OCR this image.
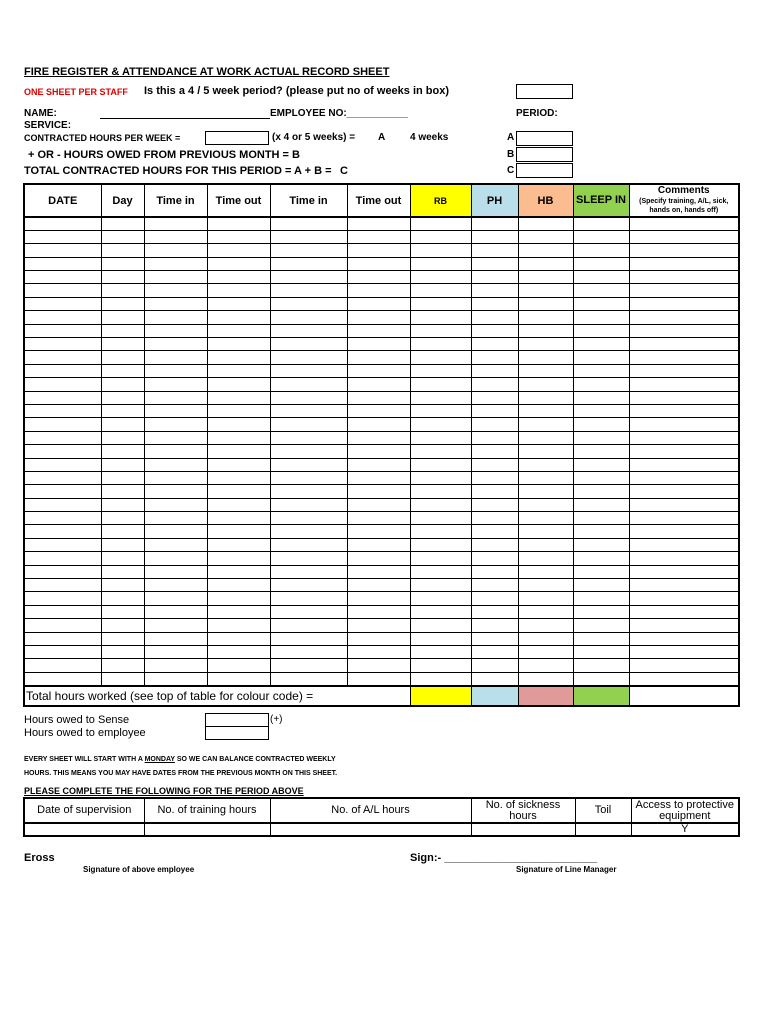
FIRE REGISTER & ATTENDANCE AT WORK ACTUAL RECORD SHEET
ONE SHEET PER STAFF Is this a 4 / 5 week period? (please put no of weeks in box)
NAME:	EMPLOYEE NO:___________	PERIOD:
SERVICE:
CONTRACTED HOURS PER WEEK =	(x 4 or 5 weeks) = A 4 weeks	A
+ OR - HOURS OWED FROM PREVIOUS MONTH = B	B
TOTAL CONTRACTED HOURS FOR THIS PERIOD = A + B = C	C
DATE	Day	Time in	Time out	Time in	Time out	RB	PH	HB	SLEEP IN	Comments
(Specify training, A/L, sick, hands on, hands off)

Total hours worked (see top of table for colour code) =										
Hours owed to Sense
Hours owed to employee
(+)
EVERY SHEET WILL START WITH A MONDAY SO WE CAN BALANCE CONTRACTED WEEKLY
HOURS. THIS MEANS YOU MAY HAVE DATES FROM THE PREVIOUS MONTH ON THIS SHEET.
PLEASE COMPLETE THE FOLLOWING FOR THE PERIOD ABOVE
Date of supervision	No. of training hours	No. of A/L hours	No. of sickness hours	Toil	Access to protective equipment
					Y
Eross
Signature of above employee
Sign:- _________________________
Signature of Line Manager
